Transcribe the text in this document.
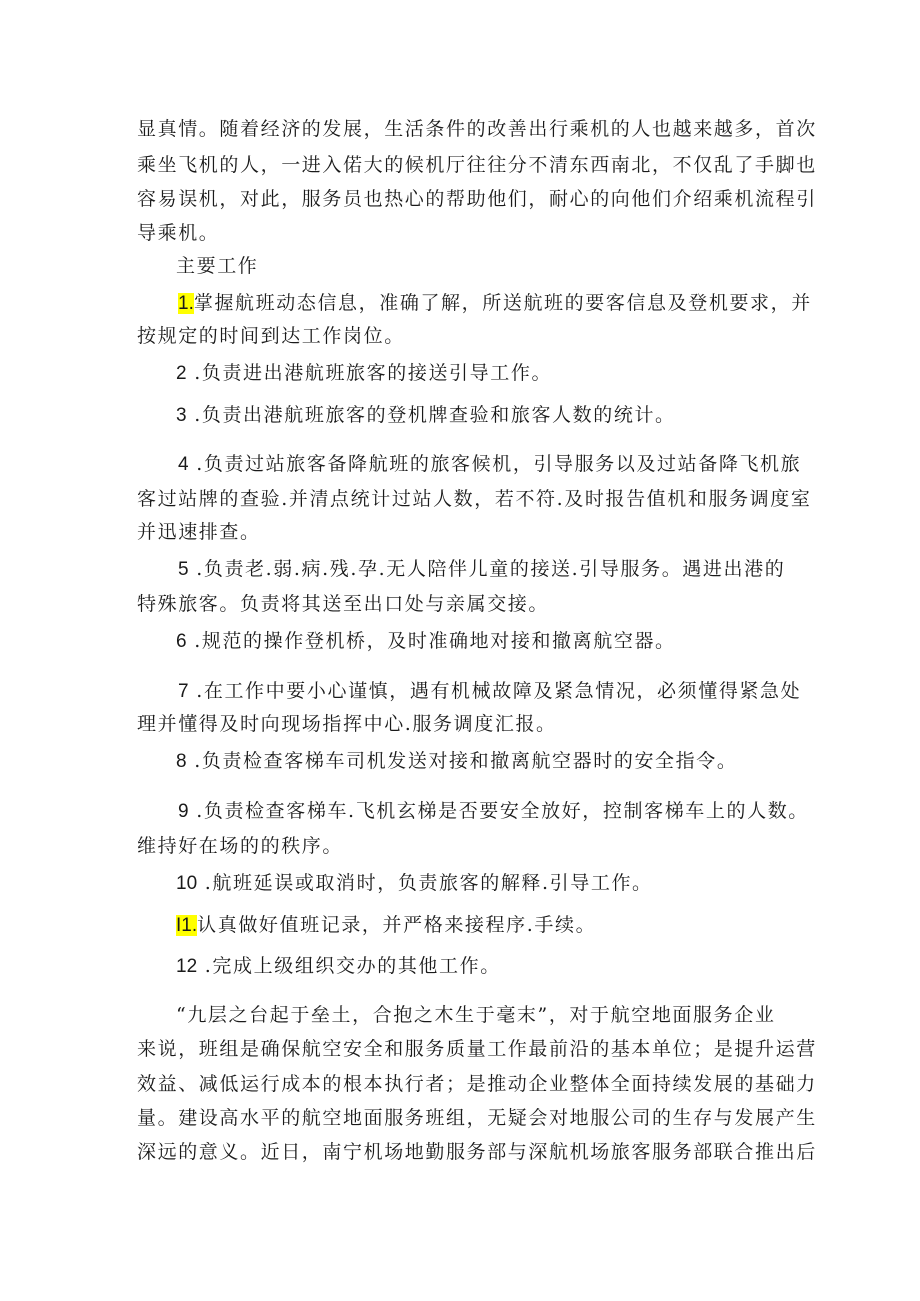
显真情。随着经济的发展，生活条件的改善出行乘机的人也越来越多，首次
乘坐飞机的人，一进入偌大的候机厅往往分不清东西南北，不仅乱了手脚也
容易误机，对此，服务员也热心的帮助他们，耐心的向他们介绍乘机流程引
导乘机。
主要工作
1.掌握航班动态信息，准确了解，所送航班的要客信息及登机要求，并
按规定的时间到达工作岗位。
2 .负责进出港航班旅客的接送引导工作。
3 .负责出港航班旅客的登机牌查验和旅客人数的统计。
4 .负责过站旅客备降航班的旅客候机，引导服务以及过站备降飞机旅
客过站牌的查验.并清点统计过站人数，若不符.及时报告值机和服务调度室
并迅速排查。
5 .负责老.弱.病.残.孕.无人陪伴儿童的接送.引导服务。遇进出港的
特殊旅客。负责将其送至出口处与亲属交接。
6 .规范的操作登机桥，及时准确地对接和撤离航空器。
7 .在工作中要小心谨慎，遇有机械故障及紧急情况，必须懂得紧急处
理并懂得及时向现场指挥中心.服务调度汇报。
8 .负责检查客梯车司机发送对接和撤离航空器时的安全指令。
9 .负责检查客梯车.飞机玄梯是否要安全放好，控制客梯车上的人数。
维持好在场的的秩序。
10 .航班延误或取消时，负责旅客的解释.引导工作。
I1.认真做好值班记录，并严格来接程序.手续。
12 .完成上级组织交办的其他工作。
“九层之台起于垒土，合抱之木生于毫末”，对于航空地面服务企业
来说，班组是确保航空安全和服务质量工作最前沿的基本单位；是提升运营
效益、减低运行成本的根本执行者；是推动企业整体全面持续发展的基础力
量。建设高水平的航空地面服务班组，无疑会对地服公司的生存与发展产生
深远的意义。近日，南宁机场地勤服务部与深航机场旅客服务部联合推出后
